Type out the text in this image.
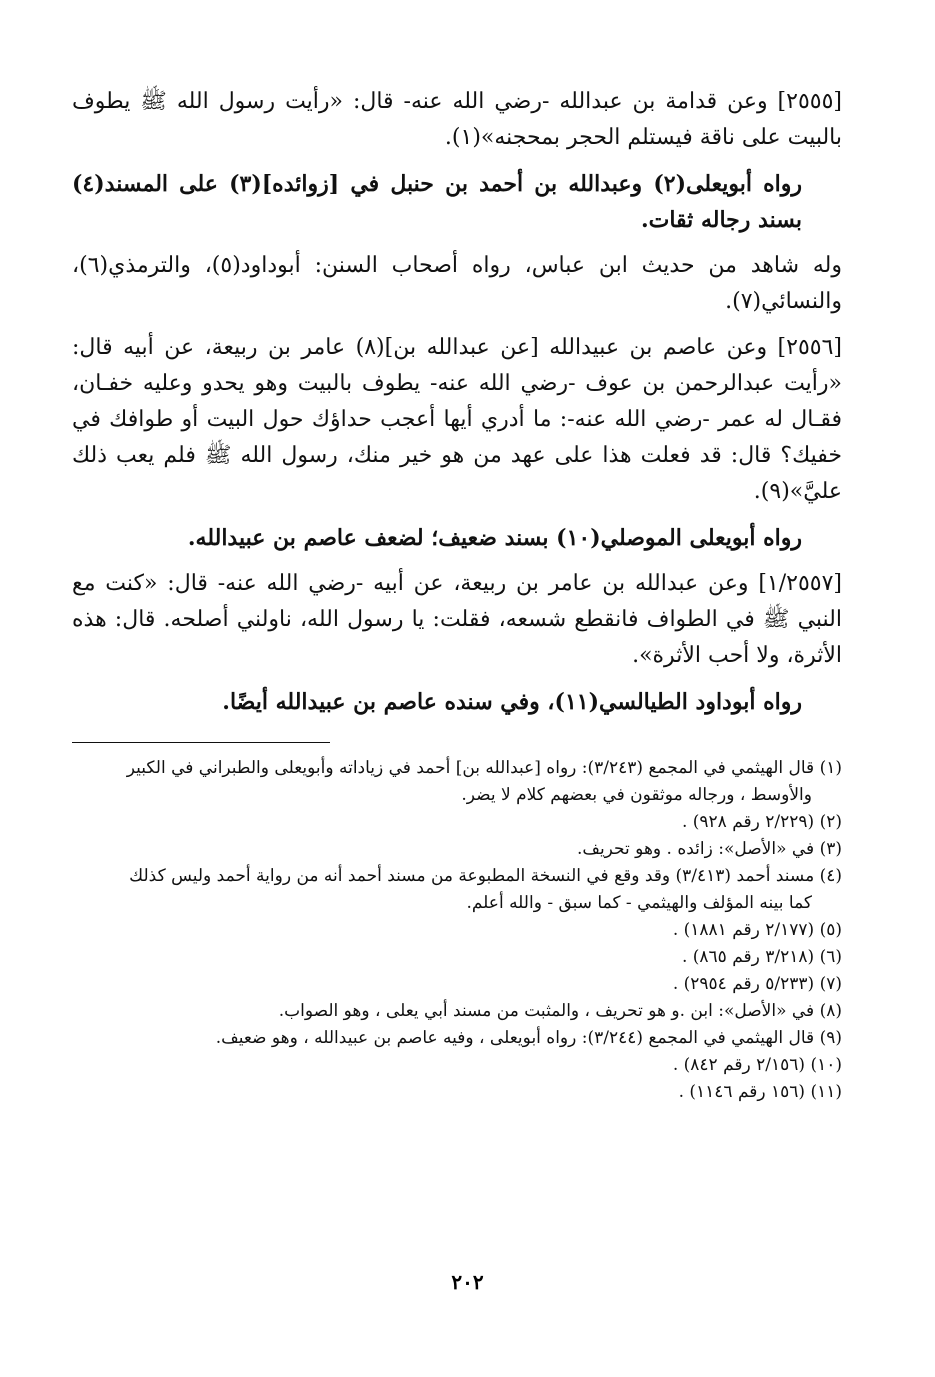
[٢٥٥٥] وعن قدامة بن عبدالله -رضي الله عنه- قال: «رأيت رسول الله ﷺ يطوف بالبيت على ناقة فيستلم الحجر بمحجنه»(١).

رواه أبويعلى(٢) وعبدالله بن أحمد بن حنبل في [زوائده](٣) على المسند(٤) بسند رجاله ثقات.

وله شاهد من حديث ابن عباس، رواه أصحاب السنن: أبوداود(٥)، والترمذي(٦)، والنسائي(٧).

[٢٥٥٦] وعن عاصم بن عبيدالله [عن عبدالله بن](٨) عامر بن ربيعة، عن أبيه قال: «رأيت عبدالرحمن بن عوف -رضي الله عنه- يطوف بالبيت وهو يحدو وعليه خفـان، فقـال له عمر -رضي الله عنه-: ما أدري أيها أعجب حداؤك حول البيت أو طوافك في خفيك؟ قال: قد فعلت هذا على عهد من هو خير منك، رسول الله ﷺ فلم يعب ذلك عليَّ»(٩).

رواه أبويعلى الموصلي(١٠) بسند ضعيف؛ لضعف عاصم بن عبيدالله.

[١/٢٥٥٧] وعن عبدالله بن عامر بن ربيعة، عن أبيه -رضي الله عنه- قال: «كنت مع النبي ﷺ في الطواف فانقطع شسعه، فقلت: يا رسول الله، ناولني أصلحه. قال: هذه الأثرة، ولا أحب الأثرة».

رواه أبوداود الطيالسي(١١)، وفي سنده عاصم بن عبيدالله أيضًا.

(١) قال الهيثمي في المجمع (٣/٢٤٣): رواه [عبدالله بن] أحمد في زياداته وأبويعلى والطبراني في الكبير
والأوسط ، ورجاله موثقون في بعضهم كلام لا يضر.
(٢) (٢/٢٢٩ رقم ٩٢٨) .
(٣) في «الأصل»: زائده . وهو تحريف.
(٤) مسند أحمد (٣/٤١٣) وقد وقع في النسخة المطبوعة من مسند أحمد أنه من رواية أحمد وليس كذلك
كما بينه المؤلف والهيثمي - كما سبق - والله أعلم.
(٥) (٢/١٧٧ رقم ١٨٨١) .
(٦) (٣/٢١٨ رقم ٨٦٥) .
(٧) (٥/٢٣٣ رقم ٢٩٥٤) .
(٨) في «الأصل»: ابن .و هو تحريف ، والمثبت من مسند أبي يعلى ، وهو الصواب.
(٩) قال الهيثمي في المجمع (٣/٢٤٤): رواه أبويعلى ، وفيه عاصم بن عبيدالله ، وهو ضعيف.
(١٠) (٢/١٥٦ رقم ٨٤٢) .
(١١) (١٥٦ رقم ١١٤٦) .
٢٠٢
